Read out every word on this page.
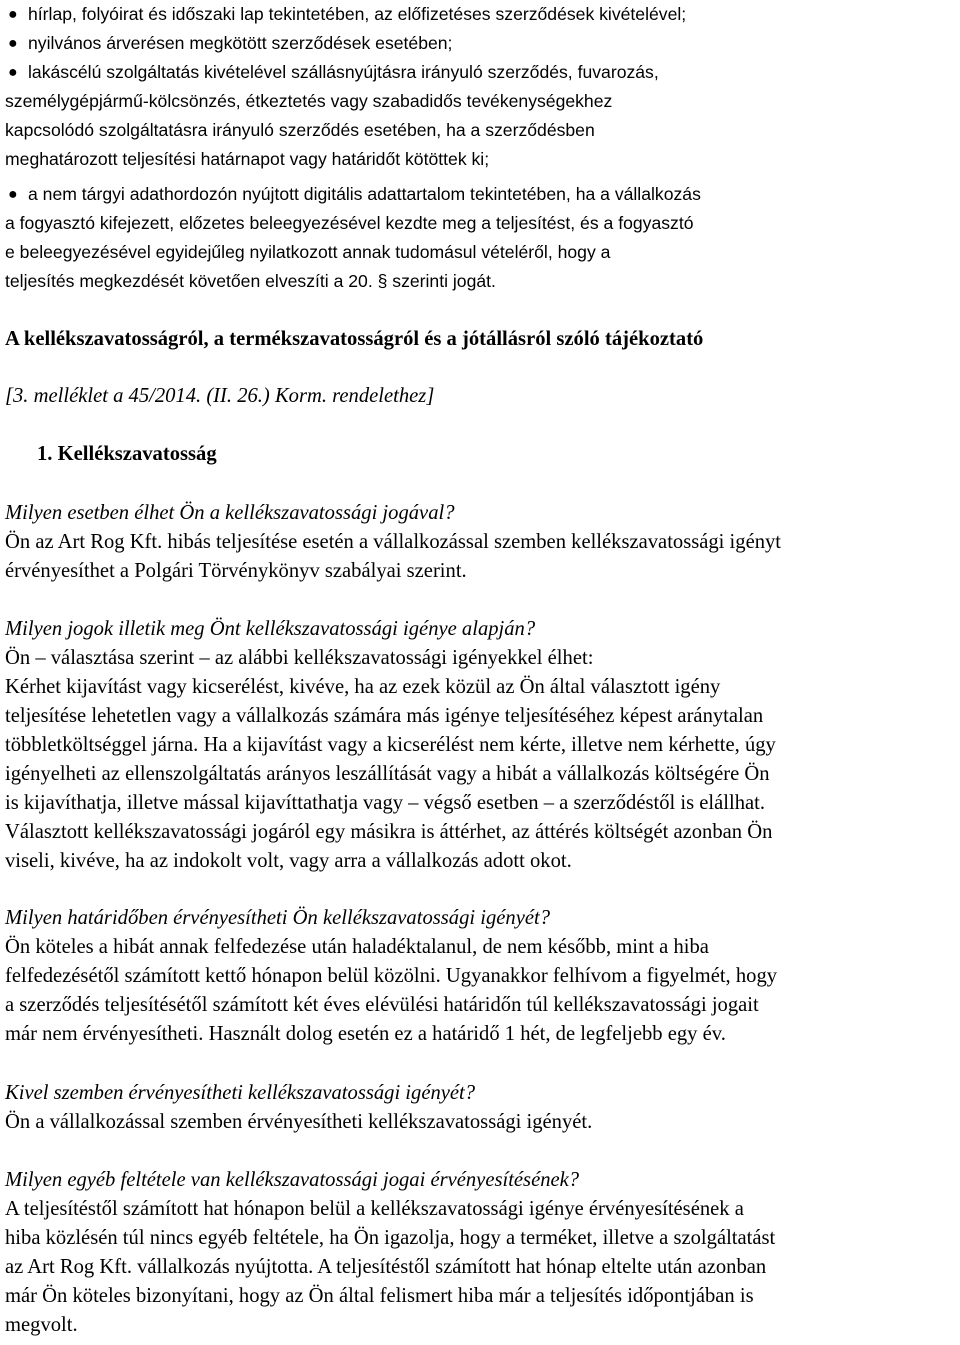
● hírlap, folyóirat és időszaki lap tekintetében, az előfizetéses szerződések kivételével;
● nyilvános árverésen megkötött szerződések esetében;
● lakáscélú szolgáltatás kivételével szállásnyújtásra irányuló szerződés, fuvarozás,
személygépjármű-kölcsönzés, étkeztetés vagy szabadidős tevékenységekhez
kapcsolódó szolgáltatásra irányuló szerződés esetében, ha a szerződésben
meghatározott teljesítési határnapot vagy határidőt kötöttek ki;
● a nem tárgyi adathordozón nyújtott digitális adattartalom tekintetében, ha a vállalkozás
a fogyasztó kifejezett, előzetes beleegyezésével kezdte meg a teljesítést, és a fogyasztó
e beleegyezésével egyidejűleg nyilatkozott annak tudomásul vételéről, hogy a
teljesítés megkezdését követően elveszíti a 20. § szerinti jogát.
A kellékszavatosságról, a termékszavatosságról és a jótállásról szóló tájékoztató
[3. melléklet a 45/2014. (II. 26.) Korm. rendelethez]
1. Kellékszavatosság
Milyen esetben élhet Ön a kellékszavatossági jogával?
Ön az Art Rog Kft. hibás teljesítése esetén a vállalkozással szemben kellékszavatossági igényt
érvényesíthet a Polgári Törvénykönyv szabályai szerint.
Milyen jogok illetik meg Önt kellékszavatossági igénye alapján?
Ön – választása szerint – az alábbi kellékszavatossági igényekkel élhet:
Kérhet kijavítást vagy kicserélést, kivéve, ha az ezek közül az Ön által választott igény
teljesítése lehetetlen vagy a vállalkozás számára más igénye teljesítéséhez képest aránytalan
többletköltséggel járna. Ha a kijavítást vagy a kicserélést nem kérte, illetve nem kérhette, úgy
igényelheti az ellenszolgáltatás arányos leszállítását vagy a hibát a vállalkozás költségére Ön
is kijavíthatja, illetve mással kijavíttathatja vagy – végső esetben – a szerződéstől is elállhat.
Választott kellékszavatossági jogáról egy másikra is áttérhet, az áttérés költségét azonban Ön
viseli, kivéve, ha az indokolt volt, vagy arra a vállalkozás adott okot.
Milyen határidőben érvényesítheti Ön kellékszavatossági igényét?
Ön köteles a hibát annak felfedezése után haladéktalanul, de nem később, mint a hiba
felfedezésétől számított kettő hónapon belül közölni. Ugyanakkor felhívom a figyelmét, hogy
a szerződés teljesítésétől számított két éves elévülési határidőn túl kellékszavatossági jogait
már nem érvényesítheti. Használt dolog esetén ez a határidő 1 hét, de legfeljebb egy év.
Kivel szemben érvényesítheti kellékszavatossági igényét?
Ön a vállalkozással szemben érvényesítheti kellékszavatossági igényét.
Milyen egyéb feltétele van kellékszavatossági jogai érvényesítésének?
A teljesítéstől számított hat hónapon belül a kellékszavatossági igénye érvényesítésének a
hiba közlésén túl nincs egyéb feltétele, ha Ön igazolja, hogy a terméket, illetve a szolgáltatást
az Art Rog Kft. vállalkozás nyújtotta. A teljesítéstől számított hat hónap eltelte után azonban
már Ön köteles bizonyítani, hogy az Ön által felismert hiba már a teljesítés időpontjában is
megvolt.
